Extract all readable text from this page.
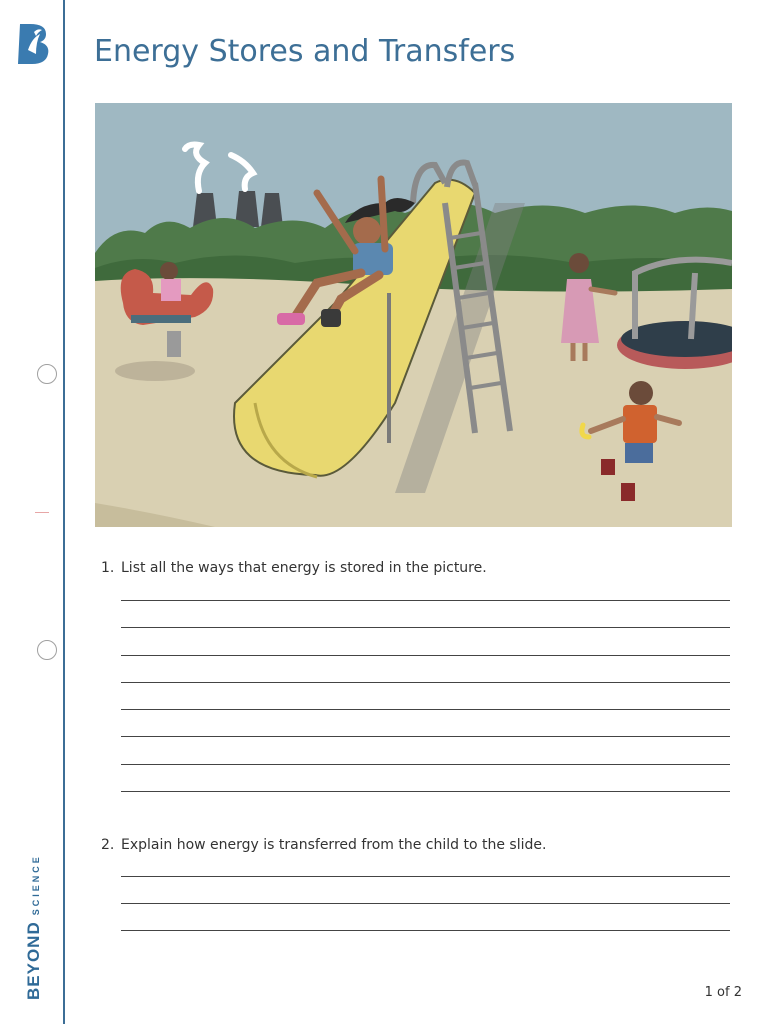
BEYONDSCIENCE
Energy Stores and Transfers
1. List all the ways that energy is stored in the picture.
2. Explain how energy is transferred from the child to the slide.
1 of 2
